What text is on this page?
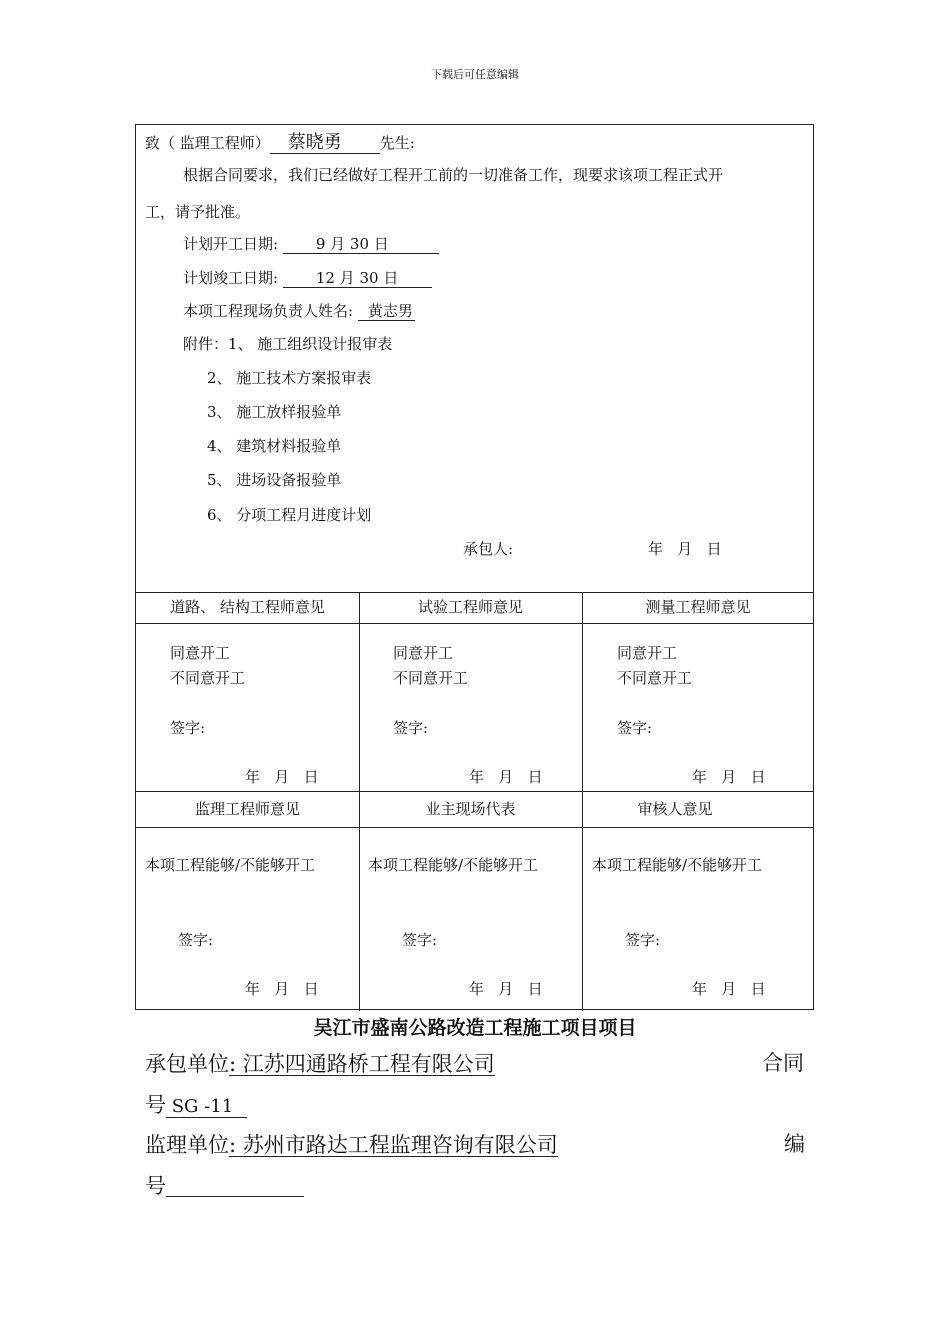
下载后可任意编辑
致（ 监理工程师） 蔡晓勇	先生:
根据合同要求，我们已经做好工程开工前的一切准备工作，现要求该项工程正式开
工，请予批准。
计划开工日期:	9 月 30 日
计划竣工日期:	12 月 30 日
本项工程现场负责人姓名: 黄志男
附件：1、 施工组织设计报审表
2、 施工技术方案报审表
3、 施工放样报验单
4、 建筑材料报验单
5、 进场设备报验单
6、 分项工程月进度计划
承包人:	年   月   日
道路、 结构工程师意见	试验工程师意见	测量工程师意见
同意开工
不同意开工
签字:
年   月   日
同意开工
不同意开工
签字:
年   月   日
同意开工
不同意开工
签字:
年   月   日
监理工程师意见	业主现场代表	审核人意见
本项工程能够/不能够开工
签字:
年   月   日
本项工程能够/不能够开工
签字:
年   月   日
本项工程能够/不能够开工
签字:
年   月   日
吴江市盛南公路改造工程施工项目项目
承包单位: 江苏四通路桥工程有限公司	合同
号 SG -11
监理单位: 苏州市路达工程监理咨询有限公司	编
号
